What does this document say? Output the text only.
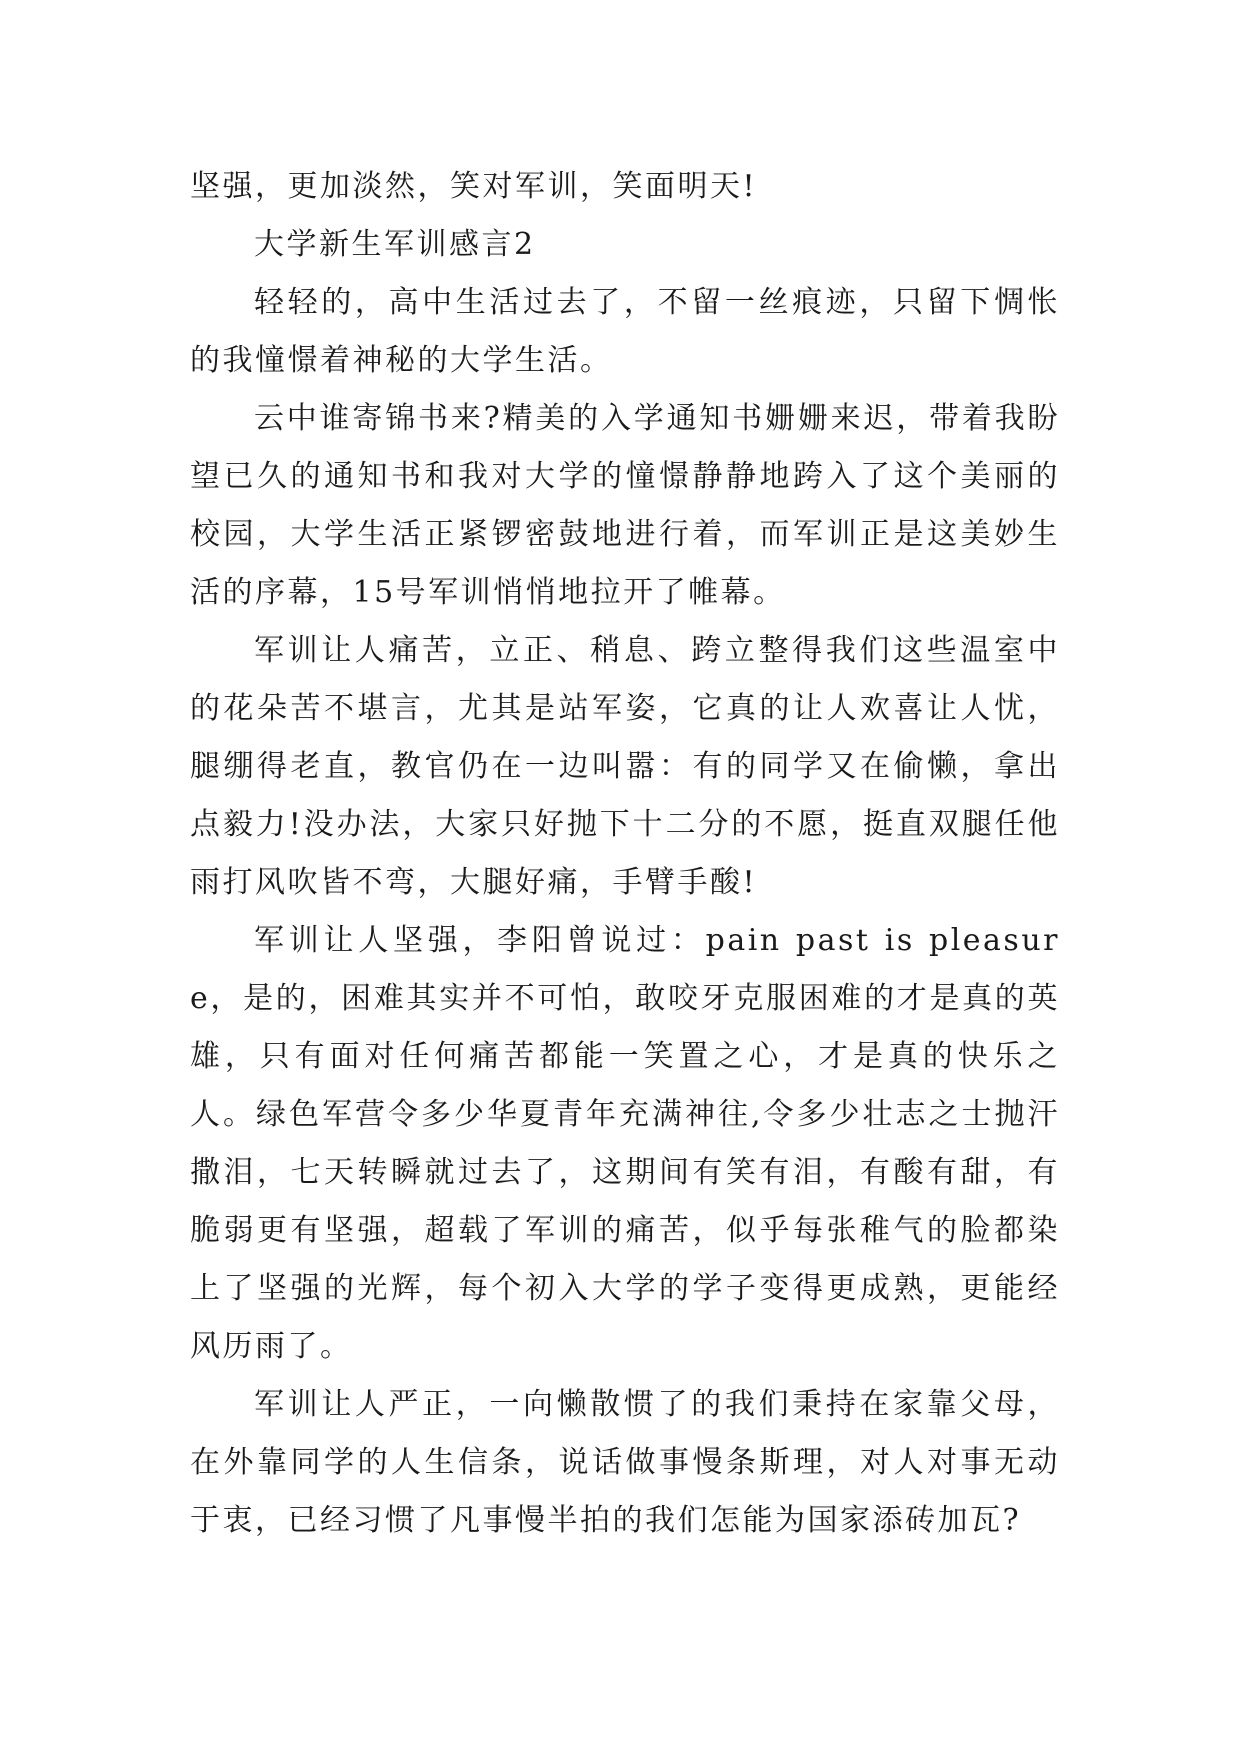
坚强，更加淡然，笑对军训，笑面明天!

大学新生军训感言2

轻轻的，高中生活过去了，不留一丝痕迹，只留下惆怅的我憧憬着神秘的大学生活。

云中谁寄锦书来?精美的入学通知书姗姗来迟，带着我盼望已久的通知书和我对大学的憧憬静静地跨入了这个美丽的校园，大学生活正紧锣密鼓地进行着，而军训正是这美妙生活的序幕，15号军训悄悄地拉开了帷幕。

军训让人痛苦，立正、稍息、跨立整得我们这些温室中的花朵苦不堪言，尤其是站军姿，它真的让人欢喜让人忧，腿绷得老直，教官仍在一边叫嚣：有的同学又在偷懒，拿出点毅力!没办法，大家只好抛下十二分的不愿，挺直双腿任他雨打风吹皆不弯，大腿好痛，手臂手酸!

军训让人坚强，李阳曾说过：pain past is pleasure，是的，困难其实并不可怕，敢咬牙克服困难的才是真的英雄，只有面对任何痛苦都能一笑置之心，才是真的快乐之人。绿色军营令多少华夏青年充满神往,令多少壮志之士抛汗撒泪，七天转瞬就过去了，这期间有笑有泪，有酸有甜，有脆弱更有坚强，超载了军训的痛苦，似乎每张稚气的脸都染上了坚强的光辉，每个初入大学的学子变得更成熟，更能经风历雨了。

军训让人严正，一向懒散惯了的我们秉持在家靠父母，在外靠同学的人生信条，说话做事慢条斯理，对人对事无动于衷，已经习惯了凡事慢半拍的我们怎能为国家添砖加瓦?
